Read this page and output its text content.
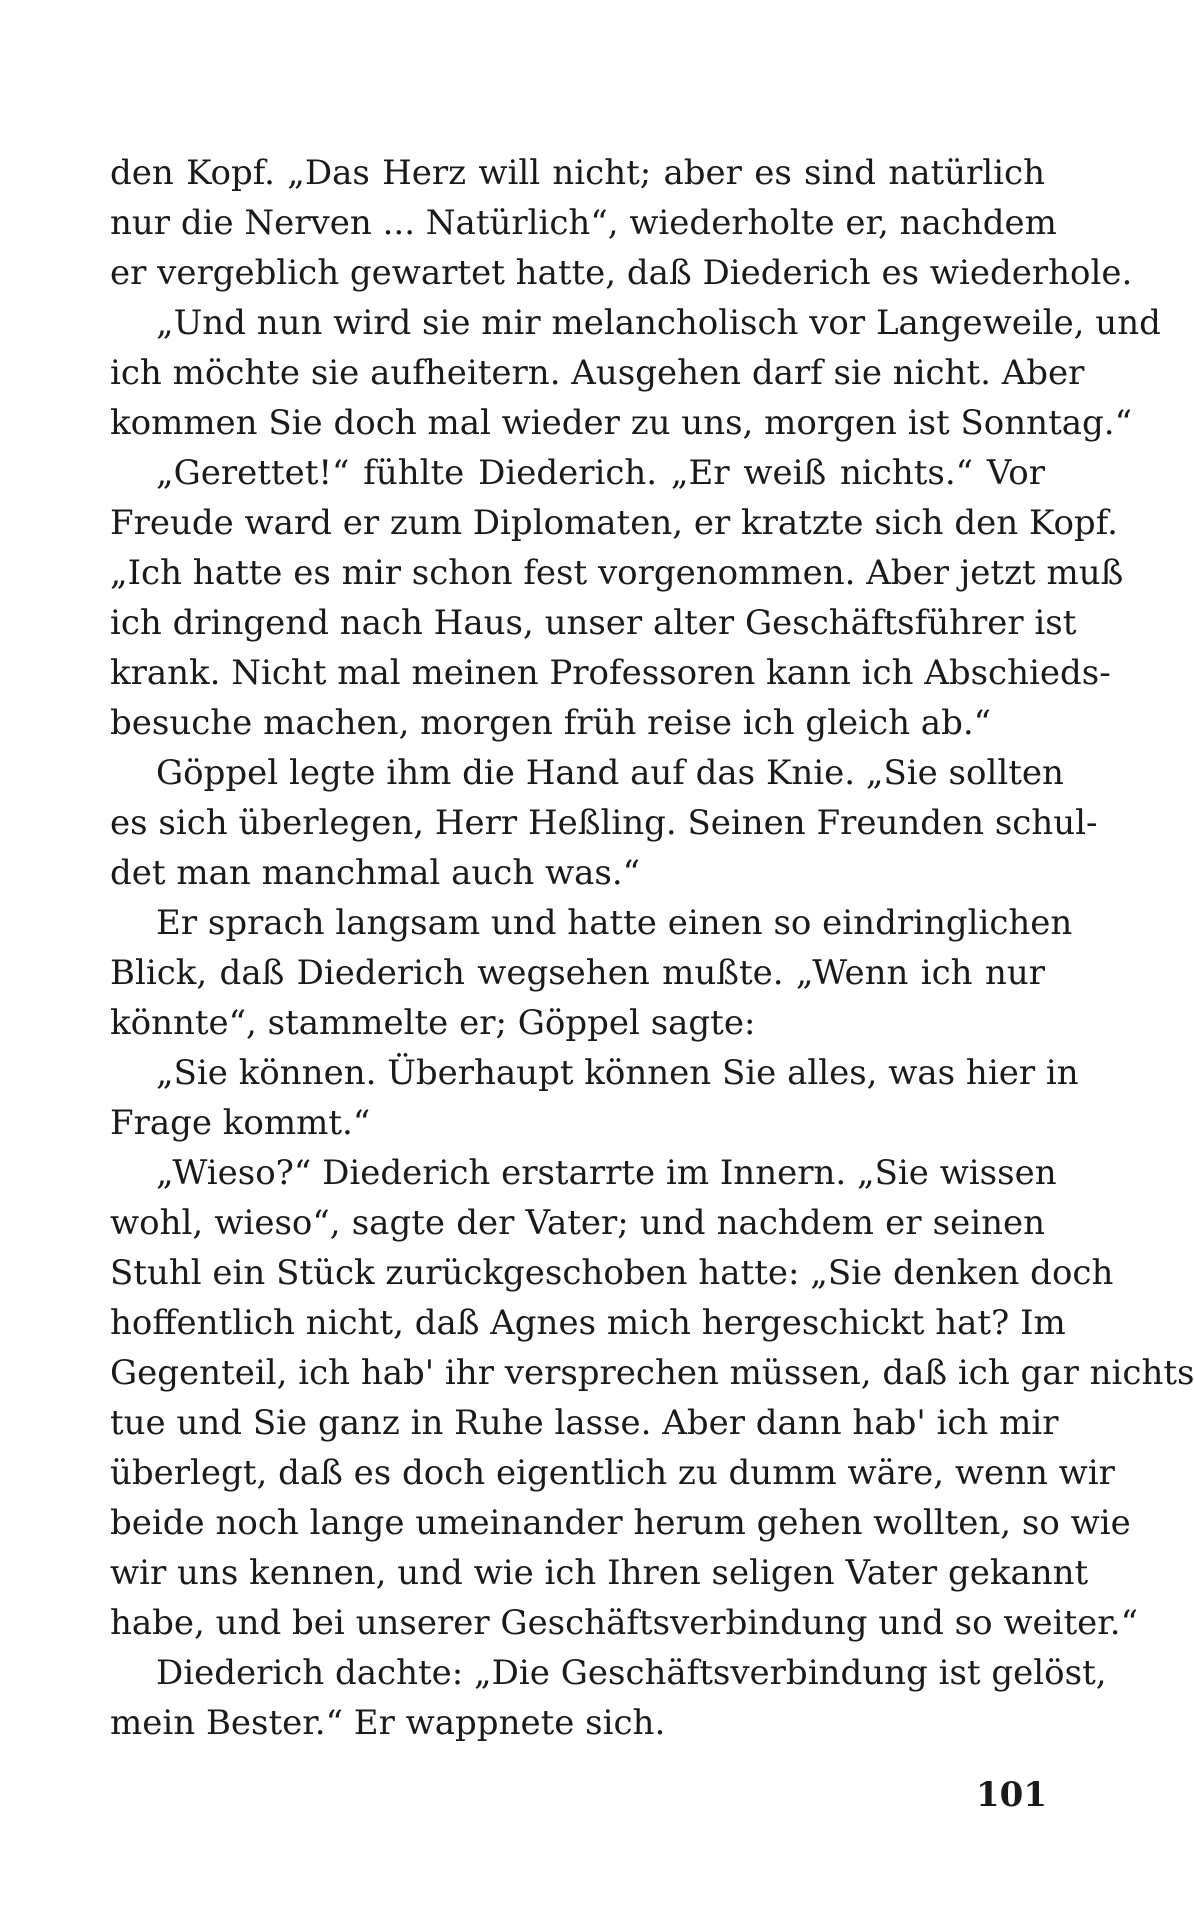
den Kopf. „Das Herz will nicht; aber es sind natürlich
nur die Nerven ... Natürlich“, wiederholte er, nachdem
er vergeblich gewartet hatte, daß Diederich es wiederhole.
„Und nun wird sie mir melancholisch vor Langeweile, und
ich möchte sie aufheitern. Ausgehen darf sie nicht. Aber
kommen Sie doch mal wieder zu uns, morgen ist Sonntag.“
„Gerettet!“ fühlte Diederich. „Er weiß nichts.“ Vor
Freude ward er zum Diplomaten, er kratzte sich den Kopf.
„Ich hatte es mir schon fest vorgenommen. Aber jetzt muß
ich dringend nach Haus, unser alter Geschäftsführer ist
krank. Nicht mal meinen Professoren kann ich Abschieds-
besuche machen, morgen früh reise ich gleich ab.“
Göppel legte ihm die Hand auf das Knie. „Sie sollten
es sich überlegen, Herr Heßling. Seinen Freunden schul-
det man manchmal auch was.“
Er sprach langsam und hatte einen so eindringlichen
Blick, daß Diederich wegsehen mußte. „Wenn ich nur
könnte“, stammelte er; Göppel sagte:
„Sie können. Überhaupt können Sie alles, was hier in
Frage kommt.“
„Wieso?“ Diederich erstarrte im Innern. „Sie wissen
wohl, wieso“, sagte der Vater; und nachdem er seinen
Stuhl ein Stück zurückgeschoben hatte: „Sie denken doch
hoffentlich nicht, daß Agnes mich hergeschickt hat? Im
Gegenteil, ich hab' ihr versprechen müssen, daß ich gar nichts
tue und Sie ganz in Ruhe lasse. Aber dann hab' ich mir
überlegt, daß es doch eigentlich zu dumm wäre, wenn wir
beide noch lange umeinander herum gehen wollten, so wie
wir uns kennen, und wie ich Ihren seligen Vater gekannt
habe, und bei unserer Geschäftsverbindung und so weiter.“
Diederich dachte: „Die Geschäftsverbindung ist gelöst,
mein Bester.“ Er wappnete sich.
101
